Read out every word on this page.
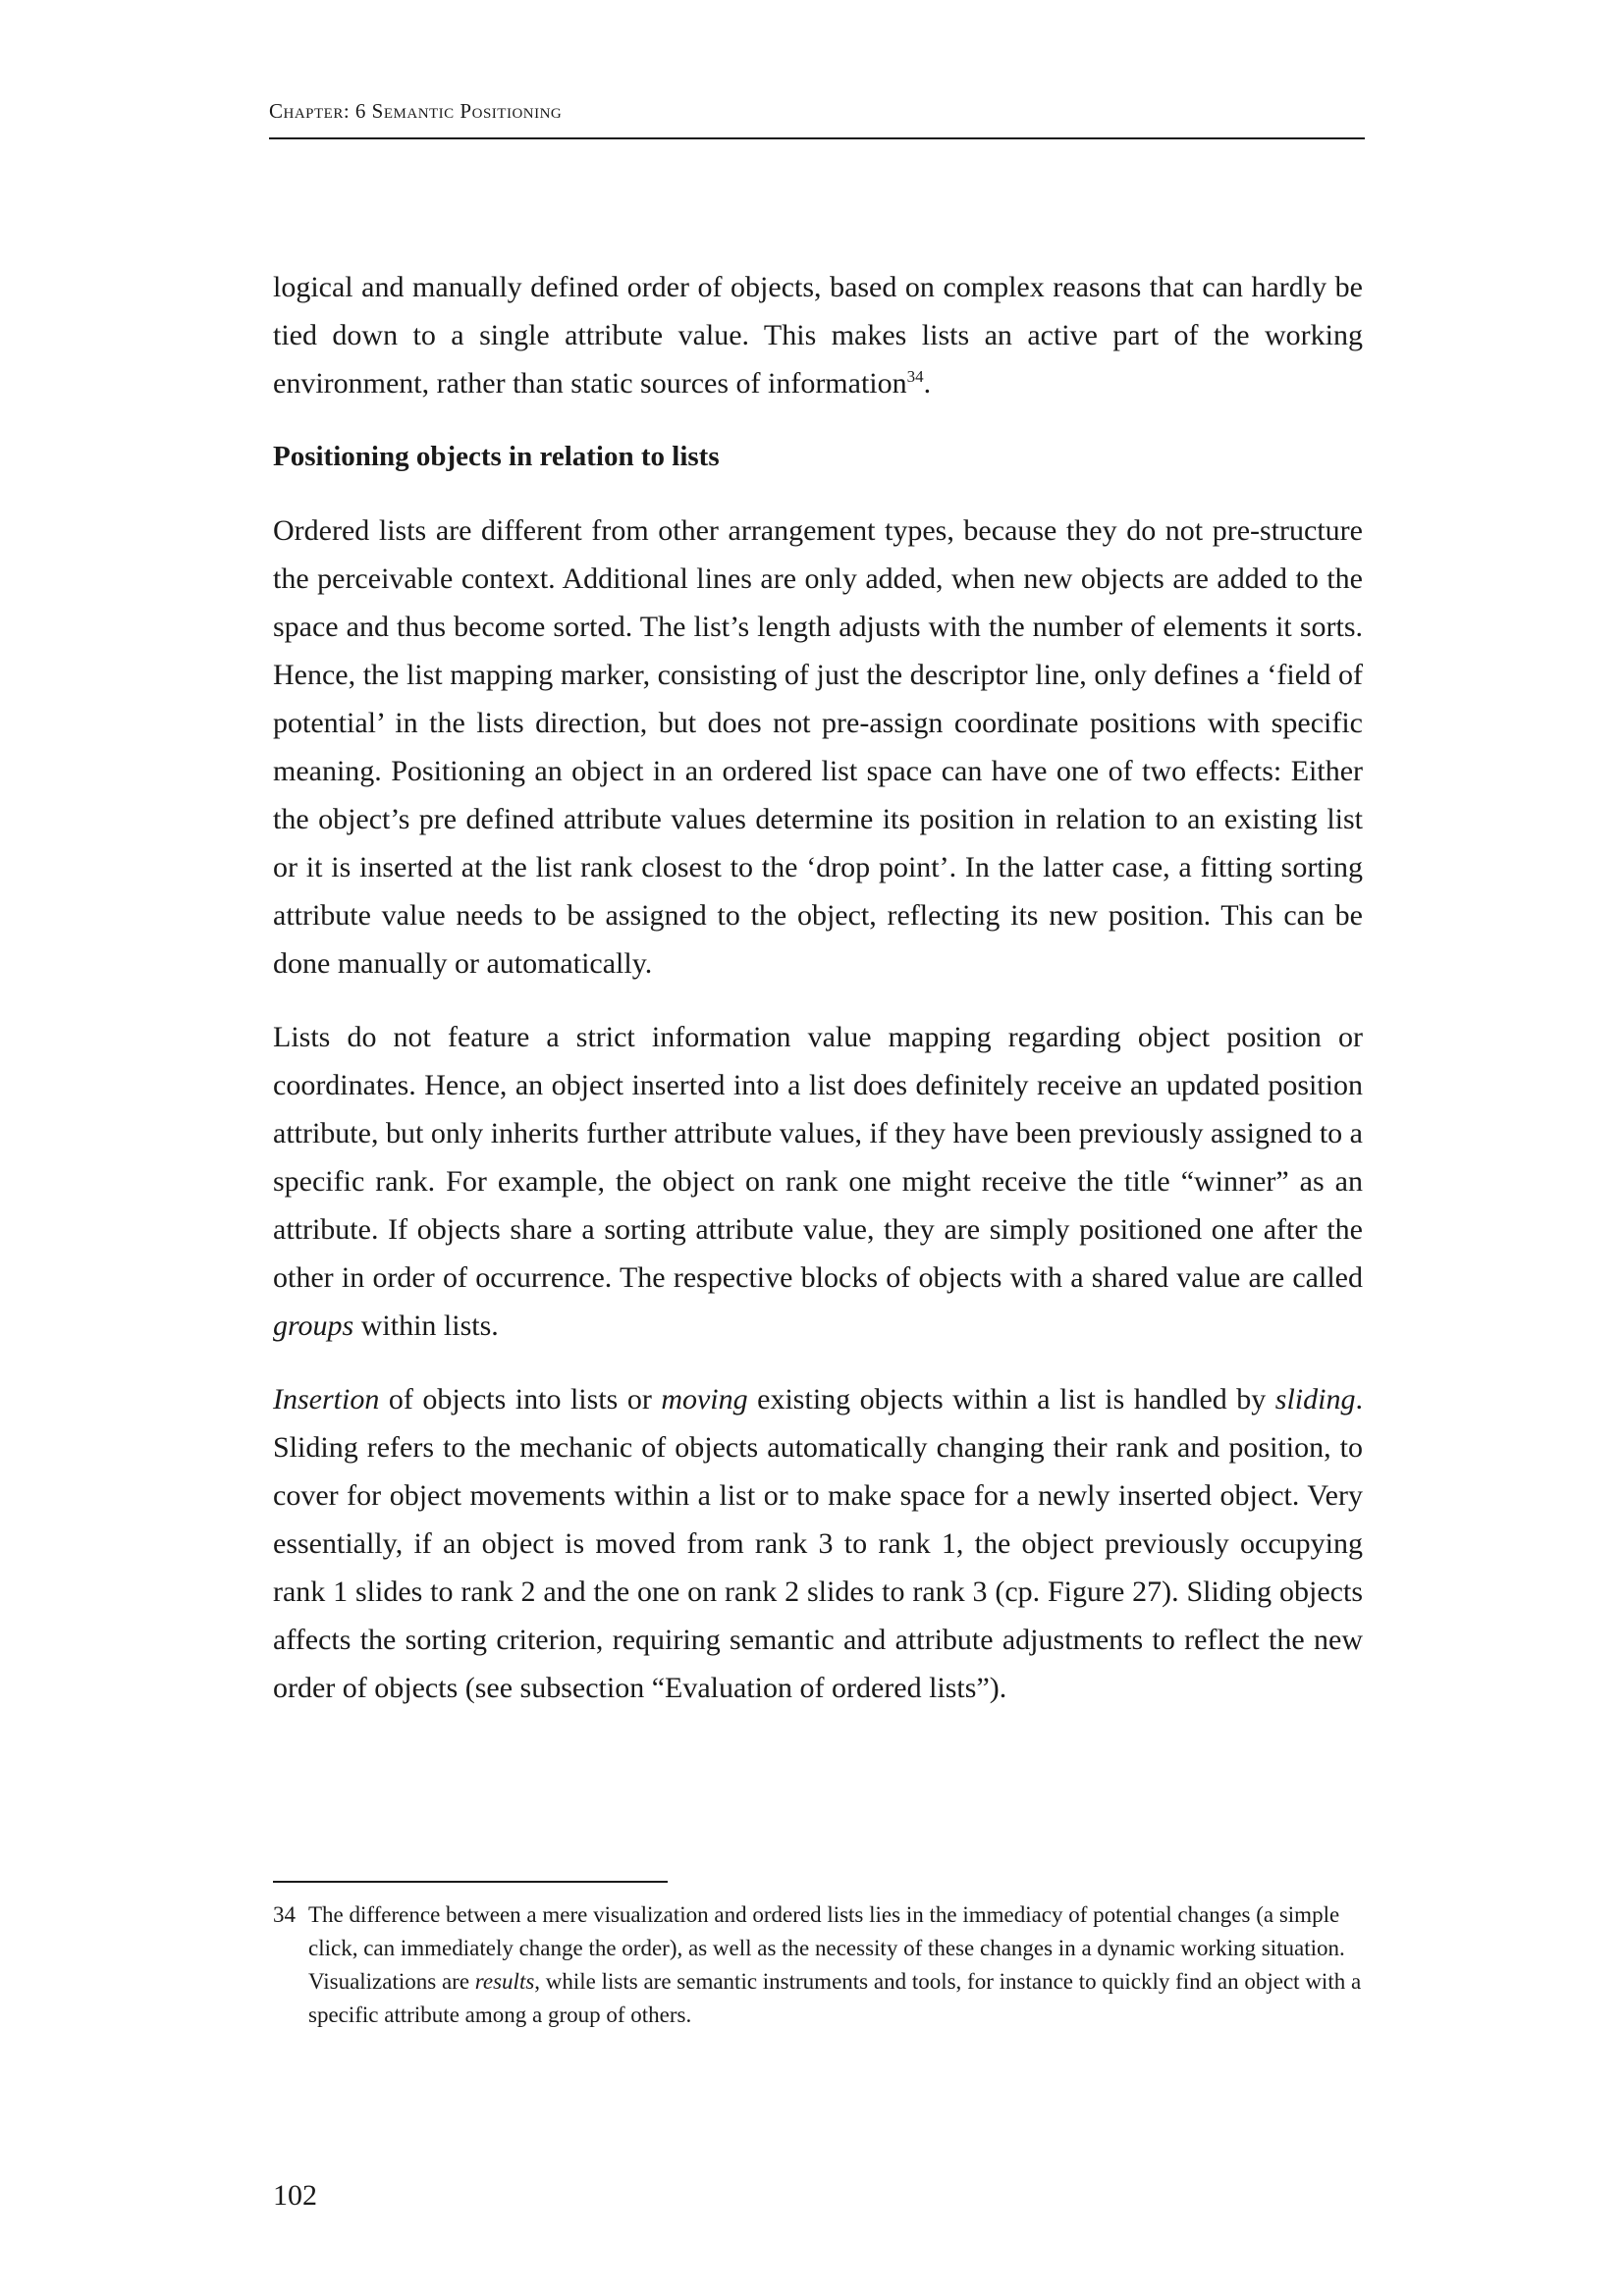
Chapter: 6 Semantic Positioning

logical and manually defined order of objects, based on complex reasons that can hardly be tied down to a single attribute value. This makes lists an active part of the working environment, rather than static sources of information$^{34}$.

Positioning objects in relation to lists

Ordered lists are different from other arrangement types, because they do not pre-structure the perceivable context. Additional lines are only added, when new objects are added to the space and thus become sorted. The list’s length adjusts with the number of elements it sorts. Hence, the list mapping marker, consisting of just the descriptor line, only defines a ‘field of potential’ in the lists direction, but does not pre-assign coordinate positions with specific meaning. Positioning an object in an ordered list space can have one of two effects: Either the object’s pre defined attribute values determine its position in relation to an existing list or it is inserted at the list rank closest to the ‘drop point’. In the latter case, a fitting sorting attribute value needs to be assigned to the object, reflecting its new position. This can be done manually or automatically.

Lists do not feature a strict information value mapping regarding object position or coordinates. Hence, an object inserted into a list does definitely receive an updated position attribute, but only inherits further attribute values, if they have been previously assigned to a specific rank. For example, the object on rank one might receive the title “winner” as an attribute. If objects share a sorting attribute value, they are simply positioned one after the other in order of occurrence. The respective blocks of objects with a shared value are called groups within lists.

Insertion of objects into lists or moving existing objects within a list is handled by sliding. Sliding refers to the mechanic of objects automatically changing their rank and position, to cover for object movements within a list or to make space for a newly inserted object. Very essentially, if an object is moved from rank 3 to rank 1, the object previously occupying rank 1 slides to rank 2 and the one on rank 2 slides to rank 3 (cp. Figure 27). Sliding objects affects the sorting criterion, requiring semantic and attribute adjustments to reflect the new order of objects (see subsection “Evaluation of ordered lists”).

34 The difference between a mere visualization and ordered lists lies in the immediacy of potential changes (a simple click, can immediately change the order), as well as the necessity of these changes in a dynamic working situation. Visualizations are results, while lists are semantic instruments and tools, for instance to quickly find an object with a specific attribute among a group of others.
102
